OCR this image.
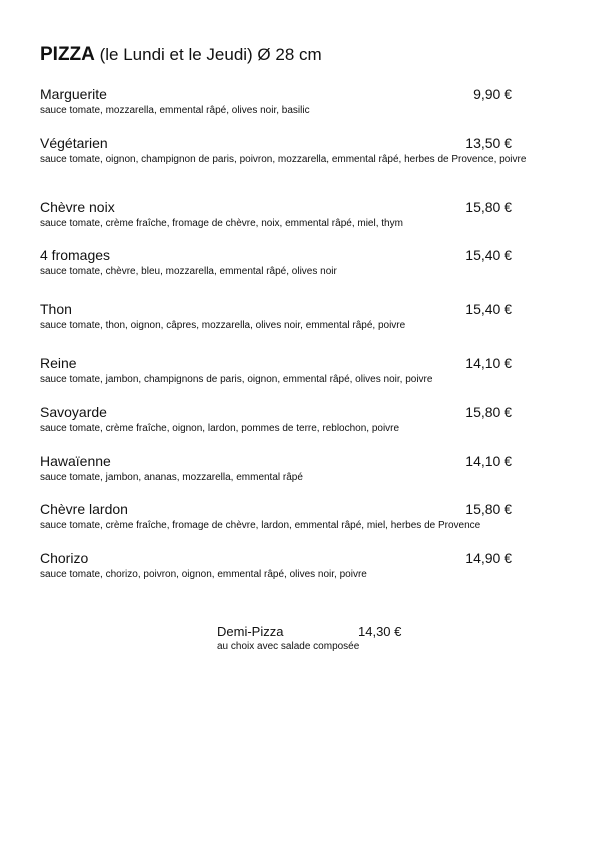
PIZZA (le Lundi et le Jeudi) Ø 28 cm
Marguerite	9,90 €
sauce tomate, mozzarella, emmental râpé, olives noir, basilic
Végétarien	13,50 €
sauce tomate, oignon, champignon de paris, poivron, mozzarella, emmental râpé, herbes de Provence, poivre
Chèvre noix	15,80 €
sauce tomate, crème fraîche, fromage de chèvre, noix, emmental râpé, miel, thym
4 fromages	15,40 €
sauce tomate, chèvre, bleu, mozzarella, emmental râpé, olives noir
Thon	15,40 €
sauce tomate, thon, oignon, câpres, mozzarella, olives noir, emmental râpé, poivre
Reine	14,10 €
sauce tomate, jambon, champignons de paris, oignon, emmental râpé, olives noir, poivre
Savoyarde	15,80 €
sauce tomate, crème fraîche, oignon, lardon, pommes de terre, reblochon, poivre
Hawaïenne	14,10 €
sauce tomate, jambon, ananas, mozzarella, emmental râpé
Chèvre lardon	15,80 €
sauce tomate, crème fraîche, fromage de chèvre, lardon, emmental râpé, miel, herbes de Provence
Chorizo	14,90 €
sauce tomate, chorizo, poivron, oignon, emmental râpé, olives noir, poivre
Demi-Pizza	14,30 €
au choix avec salade composée
